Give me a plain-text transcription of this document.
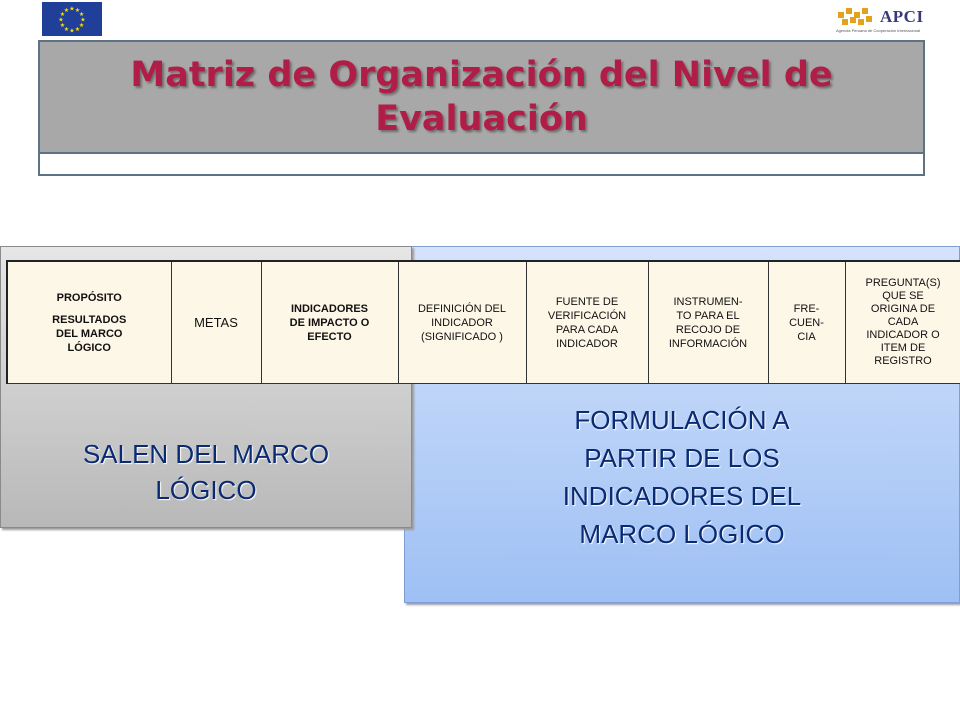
★
★
★
★
★
★
★
★
★ ★ ★
★	APCI
Agencia Peruana de Cooperación Internacional
Matriz de Organización del Nivel de
Evaluación
SALEN DEL MARCO
LÓGICO
FORMULACIÓN A
PARTIR DE LOS
INDICADORES DEL
MARCO LÓGICO
PROPÓSITO
RESULTADOS
DEL MARCO
LÓGICO

METAS

INDICADORES
DE IMPACTO O
EFECTO

DEFINICIÓN DEL
INDICADOR
(SIGNIFICADO )

FUENTE DE
VERIFICACIÓN
PARA CADA
INDICADOR

INSTRUMEN-
TO PARA EL
RECOJO DE
INFORMACIÓN

FRE-
CUEN-
CIA

PREGUNTA(S)
QUE SE
ORIGINA DE
CADA
INDICADOR O
ITEM DE
REGISTRO
